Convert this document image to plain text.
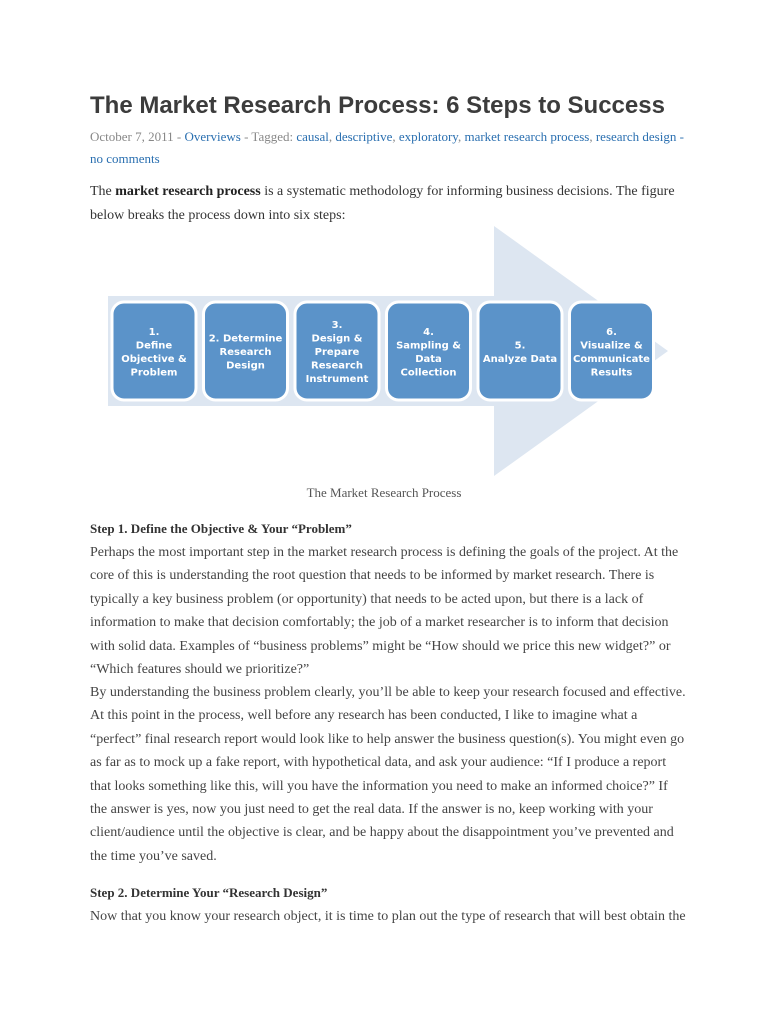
The Market Research Process: 6 Steps to Success
October 7, 2011 - Overviews - Tagged: causal, descriptive, exploratory, market research process, research design - no comments
The market research process is a systematic methodology for informing business decisions. The figure below breaks the process down into six steps:
1.
Define
Objective &
Problem
2. Determine
Research
Design
3.
Design &
Prepare
Research
Instrument
4.
Sampling &
Data
Collection
5.
Analyze Data
6.
Visualize &
Communicate
Results
The Market Research Process
Step 1. Define the Objective & Your “Problem”
Perhaps the most important step in the market research process is defining the goals of the project. At the core of this is understanding the root question that needs to be informed by market research. There is typically a key business problem (or opportunity) that needs to be acted upon, but there is a lack of information to make that decision comfortably; the job of a market researcher is to inform that decision with solid data. Examples of “business problems” might be “How should we price this new widget?” or “Which features should we prioritize?”
By understanding the business problem clearly, you’ll be able to keep your research focused and effective. At this point in the process, well before any research has been conducted, I like to imagine what a “perfect” final research report would look like to help answer the business question(s). You might even go as far as to mock up a fake report, with hypothetical data, and ask your audience: “If I produce a report that looks something like this, will you have the information you need to make an informed choice?” If the answer is yes, now you just need to get the real data. If the answer is no, keep working with your client/audience until the objective is clear, and be happy about the disappointment you’ve prevented and the time you’ve saved.
Step 2. Determine Your “Research Design”
Now that you know your research object, it is time to plan out the type of research that will best obtain the
